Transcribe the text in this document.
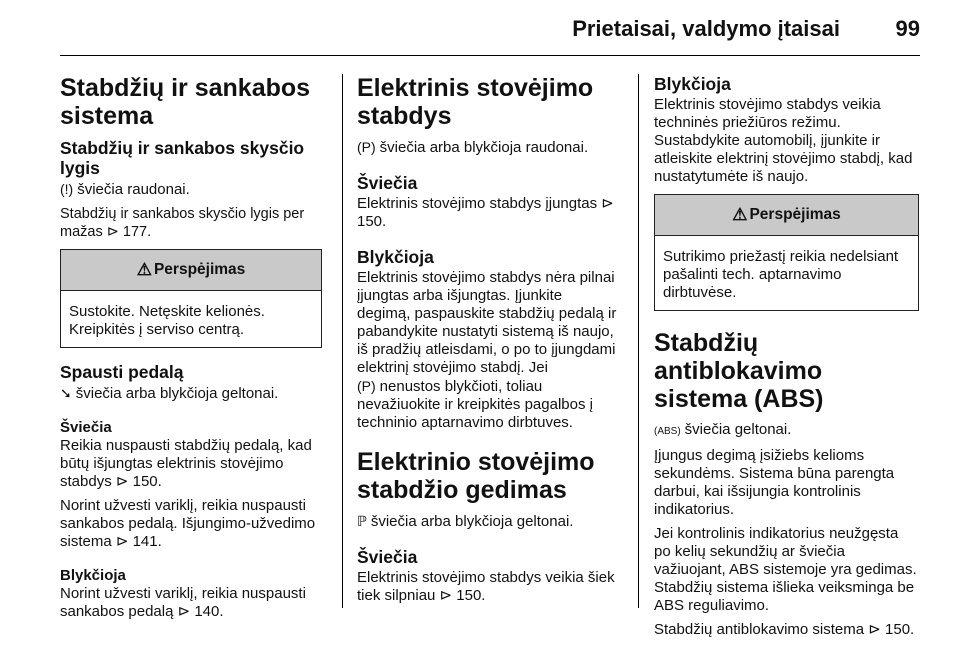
Prietaisai, valdymo įtaisai	99
Stabdžių ir sankabos sistema
Stabdžių ir sankabos skysčio lygis

(!) šviečia raudonai.

Stabdžių ir sankabos skysčio lygis per mažas ⊳ 177.

⚠ Perspėjimas
Sustokite. Netęskite kelionės. Kreipkitės į serviso centrą.
Spausti pedalą

➘ šviečia arba blykčioja geltonai.

Šviečia

Reikia nuspausti stabdžių pedalą, kad būtų išjungtas elektrinis stovėjimo stabdys ⊳ 150.

Norint užvesti variklį, reikia nuspausti sankabos pedalą. Išjungimo-užvedimo sistema ⊳ 141.

Blykčioja

Norint užvesti variklį, reikia nuspausti sankabos pedalą ⊳ 140.

Elektrinis stovėjimo stabdys

(P) šviečia arba blykčioja raudonai.

Šviečia

Elektrinis stovėjimo stabdys įjungtas ⊳ 150.

Blykčioja

Elektrinis stovėjimo stabdys nėra pilnai įjungtas arba išjungtas. Įjunkite degimą, paspauskite stabdžių pedalą ir pabandykite nustatyti sistemą iš naujo, iš pradžių atleisdami, o po to įjungdami elektrinį stovėjimo stabdį. Jei (P) nenustos blykčioti, toliau nevažiuokite ir kreipkitės pagalbos į techninio aptarnavimo dirbtuves.

Elektrinio stovėjimo stabdžio gedimas

ℙ šviečia arba blykčioja geltonai.

Šviečia

Elektrinis stovėjimo stabdys veikia šiek tiek silpniau ⊳ 150.

Blykčioja

Elektrinis stovėjimo stabdys veikia techninės priežiūros režimu. Sustabdykite automobilį, įjunkite ir atleiskite elektrinį stovėjimo stabdį, kad nustatytumėte iš naujo.

⚠ Perspėjimas
Sutrikimo priežastį reikia nedelsiant pašalinti tech. aptarnavimo dirbtuvėse.
Stabdžių antiblokavimo sistema (ABS)

(ABS) šviečia geltonai.

Įjungus degimą įsižiebs kelioms sekundėms. Sistema būna parengta darbui, kai išsijungia kontrolinis indikatorius.

Jei kontrolinis indikatorius neužgęsta po kelių sekundžių ar šviečia važiuojant, ABS sistemoje yra gedimas. Stabdžių sistema išlieka veiksminga be ABS reguliavimo.

Stabdžių antiblokavimo sistema ⊳ 150.
